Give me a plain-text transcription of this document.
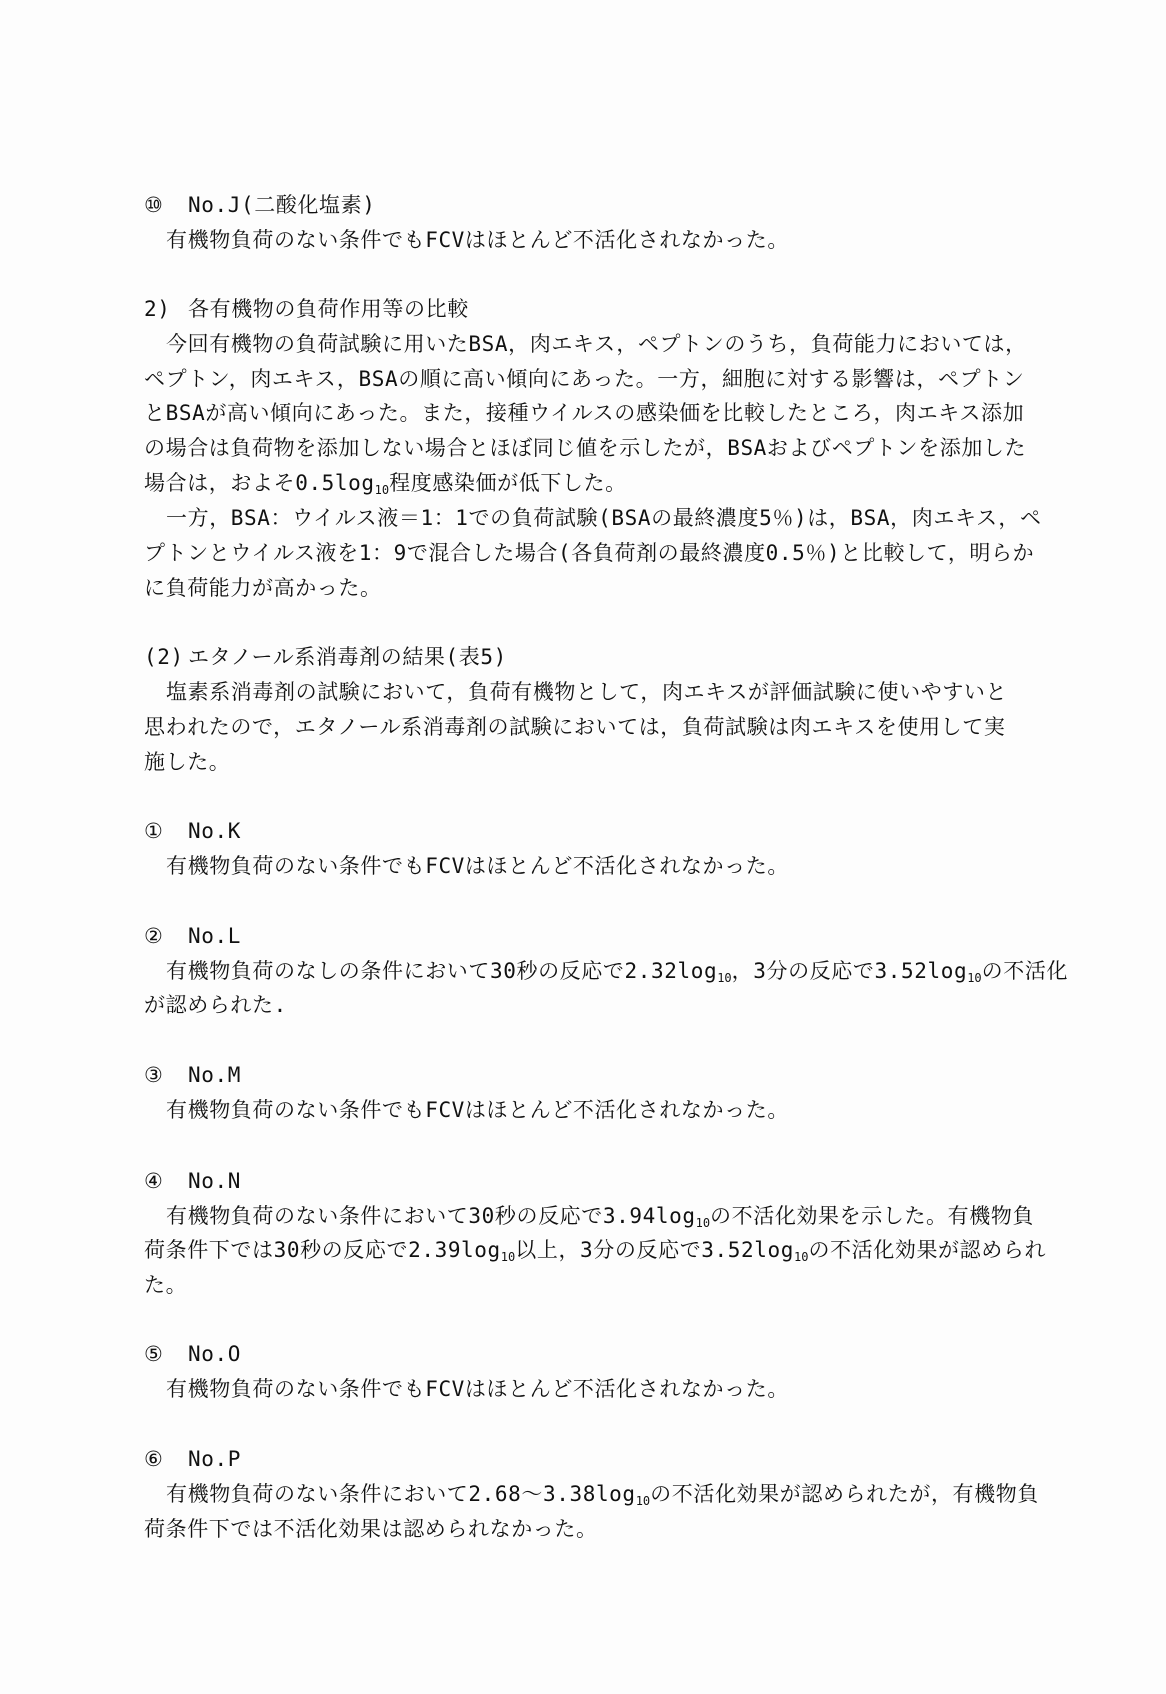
⑩ No.J(二酸化塩素)
有機物負荷のない条件でもFCVはほとんど不活化されなかった。
2) 各有機物の負荷作用等の比較
今回有機物の負荷試験に用いたBSA，肉エキス，ペプトンのうち，負荷能力においては，
ペプトン，肉エキス，BSAの順に高い傾向にあった。一方，細胞に対する影響は，ペプトン
とBSAが高い傾向にあった。また，接種ウイルスの感染価を比較したところ，肉エキス添加
の場合は負荷物を添加しない場合とほぼ同じ値を示したが，BSAおよびペプトンを添加した
場合は，およそ0.5log10程度感染価が低下した。
一方，BSA：ウイルス液＝1：1での負荷試験(BSAの最終濃度5％)は，BSA，肉エキス，ペ
プトンとウイルス液を1：9で混合した場合(各負荷剤の最終濃度0.5％)と比較して，明らか
に負荷能力が高かった。
(2) エタノール系消毒剤の結果(表5)
塩素系消毒剤の試験において，負荷有機物として，肉エキスが評価試験に使いやすいと
思われたので，エタノール系消毒剤の試験においては，負荷試験は肉エキスを使用して実
施した。
① No.K
有機物負荷のない条件でもFCVはほとんど不活化されなかった。
② No.L
有機物負荷のなしの条件において30秒の反応で2.32log10，3分の反応で3.52log10の不活化
が認められた.
③ No.M
有機物負荷のない条件でもFCVはほとんど不活化されなかった。
④ No.N
有機物負荷のない条件において30秒の反応で3.94log10の不活化効果を示した。有機物負
荷条件下では30秒の反応で2.39log10以上，3分の反応で3.52log10の不活化効果が認められ
た。
⑤ No.O
有機物負荷のない条件でもFCVはほとんど不活化されなかった。
⑥ No.P
有機物負荷のない条件において2.68～3.38log10の不活化効果が認められたが，有機物負
荷条件下では不活化効果は認められなかった。
